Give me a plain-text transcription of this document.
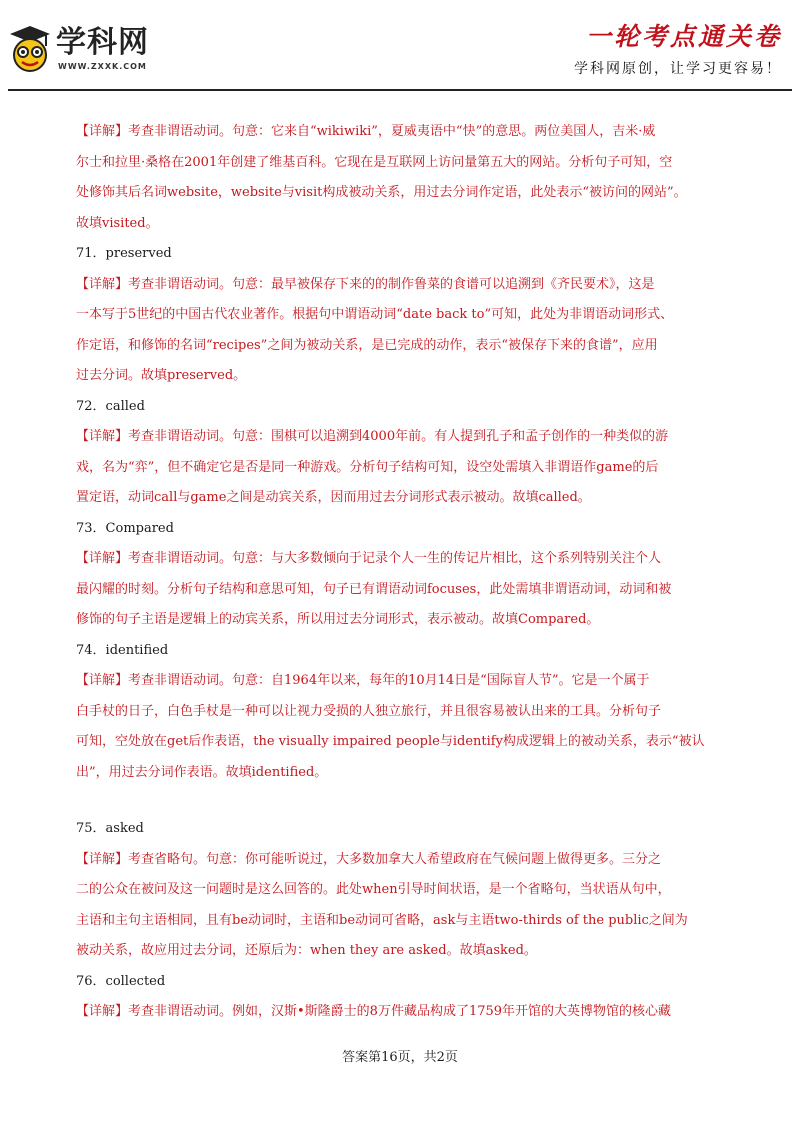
学科网
WWW.ZXXK.COM
一轮考点通关卷
学科网原创，让学习更容易！
【详解】考查非谓语动词。句意：它来自“wikiwiki”，夏威夷语中“快”的意思。两位美国人，吉米·威
尔士和拉里·桑格在2001年创建了维基百科。它现在是互联网上访问量第五大的网站。分析句子可知，空
处修饰其后名词website，website与visit构成被动关系，用过去分词作定语，此处表示“被访问的网站”。
故填visited。
71．preserved
【详解】考查非谓语动词。句意：最早被保存下来的的制作鲁菜的食谱可以追溯到《齐民要术》，这是
一本写于5世纪的中国古代农业著作。根据句中谓语动词“date back to”可知，此处为非谓语动词形式、
作定语，和修饰的名词“recipes”之间为被动关系，是已完成的动作，表示“被保存下来的食谱”，应用
过去分词。故填preserved。
72．called
【详解】考查非谓语动词。句意：围棋可以追溯到4000年前。有人提到孔子和孟子创作的一种类似的游
戏，名为“弈”，但不确定它是否是同一种游戏。分析句子结构可知，设空处需填入非谓语作game的后
置定语，动词call与game之间是动宾关系，因而用过去分词形式表示被动。故填called。
73．Compared
【详解】考查非谓语动词。句意：与大多数倾向于记录个人一生的传记片相比，这个系列特别关注个人
最闪耀的时刻。分析句子结构和意思可知，句子已有谓语动词focuses，此处需填非谓语动词，动词和被
修饰的句子主语是逻辑上的动宾关系，所以用过去分词形式，表示被动。故填Compared。
74．identified
【详解】考查非谓语动词。句意：自1964年以来，每年的10月14日是“国际盲人节”。它是一个属于
白手杖的日子，白色手杖是一种可以让视力受损的人独立旅行，并且很容易被认出来的工具。分析句子
可知，空处放在get后作表语，the visually impaired people与identify构成逻辑上的被动关系，表示“被认
出”，用过去分词作表语。故填identified。
75．asked
【详解】考查省略句。句意：你可能听说过，大多数加拿大人希望政府在气候问题上做得更多。三分之
二的公众在被问及这一问题时是这么回答的。此处when引导时间状语，是一个省略句，当状语从句中，
主语和主句主语相同，且有be动词时，主语和be动词可省略，ask与主语two-thirds of the public之间为
被动关系，故应用过去分词，还原后为：when they are asked。故填asked。
76．collected
【详解】考查非谓语动词。例如，汉斯•斯隆爵士的8万件藏品构成了1759年开馆的大英博物馆的核心藏
答案第16页，共2页
